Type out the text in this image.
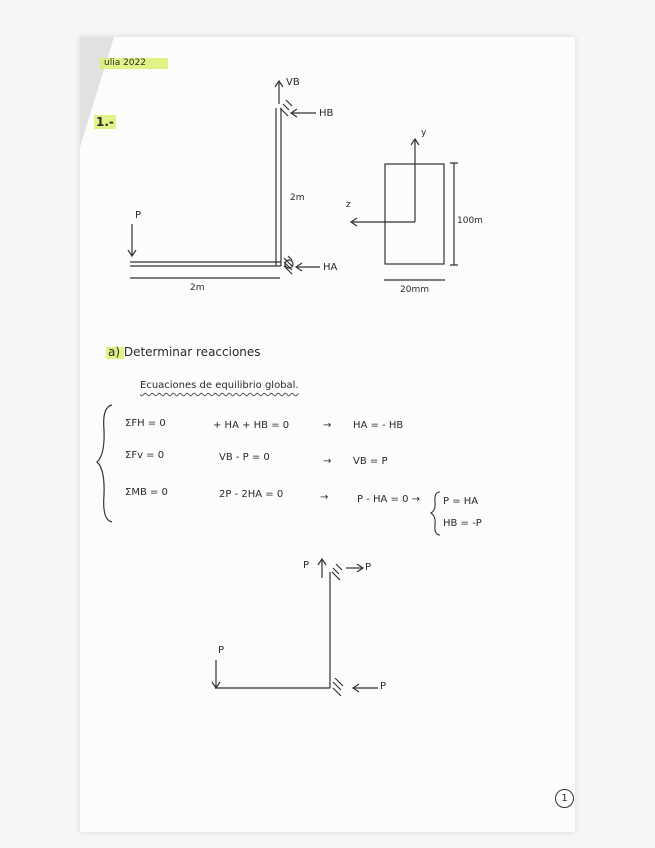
ulia 2022
1.-
VB
HB
HA
P
2m
2m
y
z
100m
20mm
a) Determinar reacciones
Ecuaciones de equilibrio global.
ΣFH = 0	+ HA + HB = 0	→ HA = - HB
ΣFv = 0	VB - P = 0	→ VB = P
ΣMB = 0	2P - 2HA = 0	→	P - HA = 0 → P = HA
HB = -P
P	P
P
P
1
